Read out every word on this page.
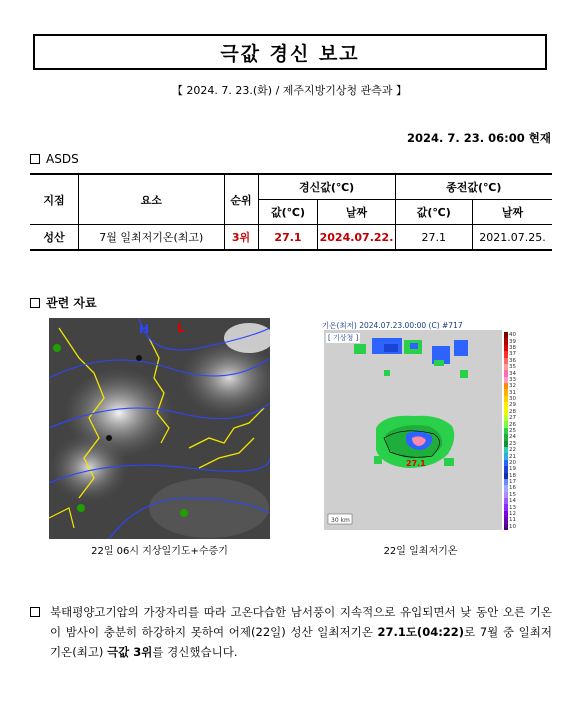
극값 경신 보고
【 2024. 7. 23.(화) / 제주지방기상청 관측과 】
2024. 7. 23. 06:00 현재
ASDS
지점	요소	순위	경신값(℃)		종전값(℃)	
			값(℃)	날짜	값(℃)	날짜
성산	7월 일최저기온(최고)	3위	27.1	2024.07.22.	27.1	2021.07.25.
관련 자료
H L
22일 06시 지상일기도+수증기
기온(최저) 2024.07.23.00:00 (C) #717
[ 기상청 ]
27.1
30 km
40
39
38
37
36
35
34
33
32
31
30
29
28
27
26
25
24
23
22
21
20
19
18
17
16
15
14
13
12
11
10
22일 일최저기온

북태평양고기압의 가장자리를 따라 고온다습한 남서풍이 지속적으로 유입되면서 낮 동안 오른 기온이 밤사이 충분히 하강하지 못하여 어제(22일) 성산 일최저기온 27.1도(04:22)로 7월 중 일최저기온(최고) 극값 3위를 경신했습니다.
